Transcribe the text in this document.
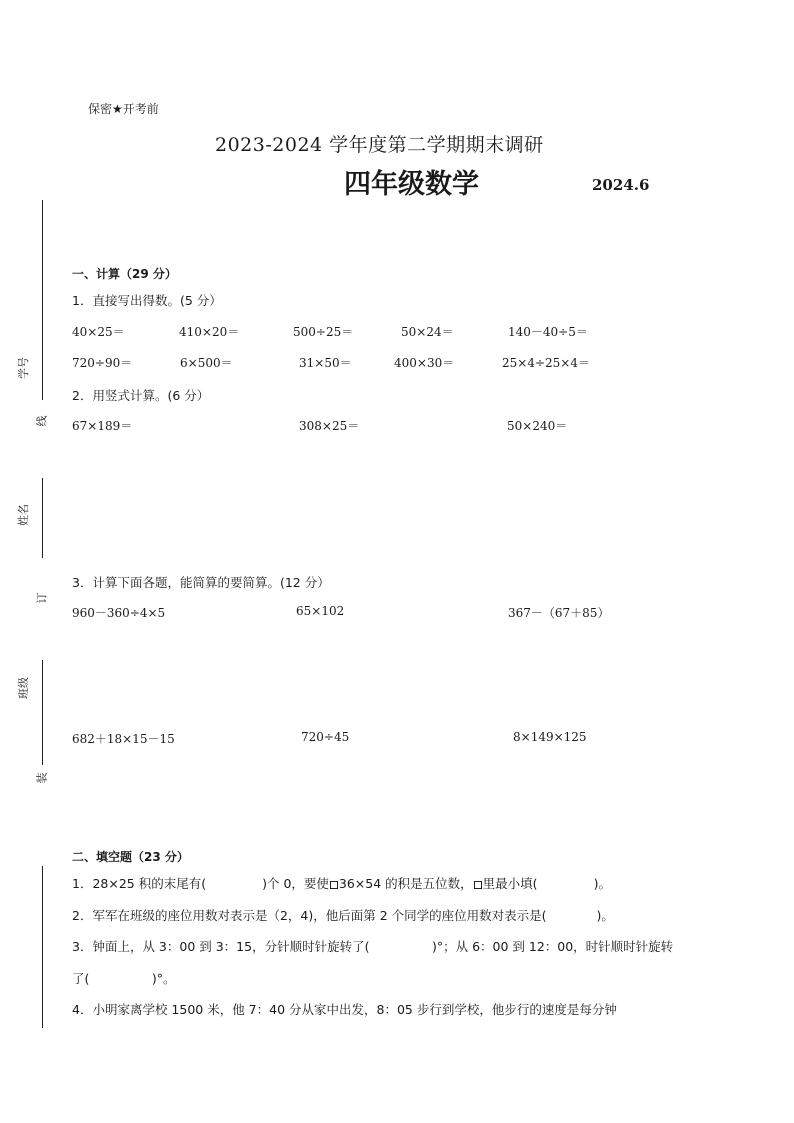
学号
姓名
班级
线
订
装
保密★开考前
2023-2024 学年度第二学期期末调研
四年级数学	2024.6
一、计算（29 分）
1．直接写出得数。(5 分）
40×25＝	410×20＝	500÷25＝	50×24＝	140－40÷5＝
720÷90＝	6×500＝	31×50＝	400×30＝	25×4÷25×4＝
2．用竖式计算。(6 分）
67×189＝	308×25＝	50×240＝
3．计算下面各题，能简算的要简算。(12 分）
960－360÷4×5	65×102	367－（67＋85）
682＋18×15－15	720÷45	8×149×125
二、填空题（23 分）
1．28×25 积的末尾有(	)个 0，要使 36×54 的积是五位数， 里最小填(	)。
2．军军在班级的座位用数对表示是（2，4)，他后面第 2 个同学的座位用数对表示是(　　　　)。
3．钟面上，从 3：00 到 3：15，分针顺时针旋转了(　　　　　)°；从 6：00 到 12：00，时针顺时针旋转
了(　　　　　)°。
4．小明家离学校 1500 米，他 7：40 分从家中出发，8：05 步行到学校，他步行的速度是每分钟
